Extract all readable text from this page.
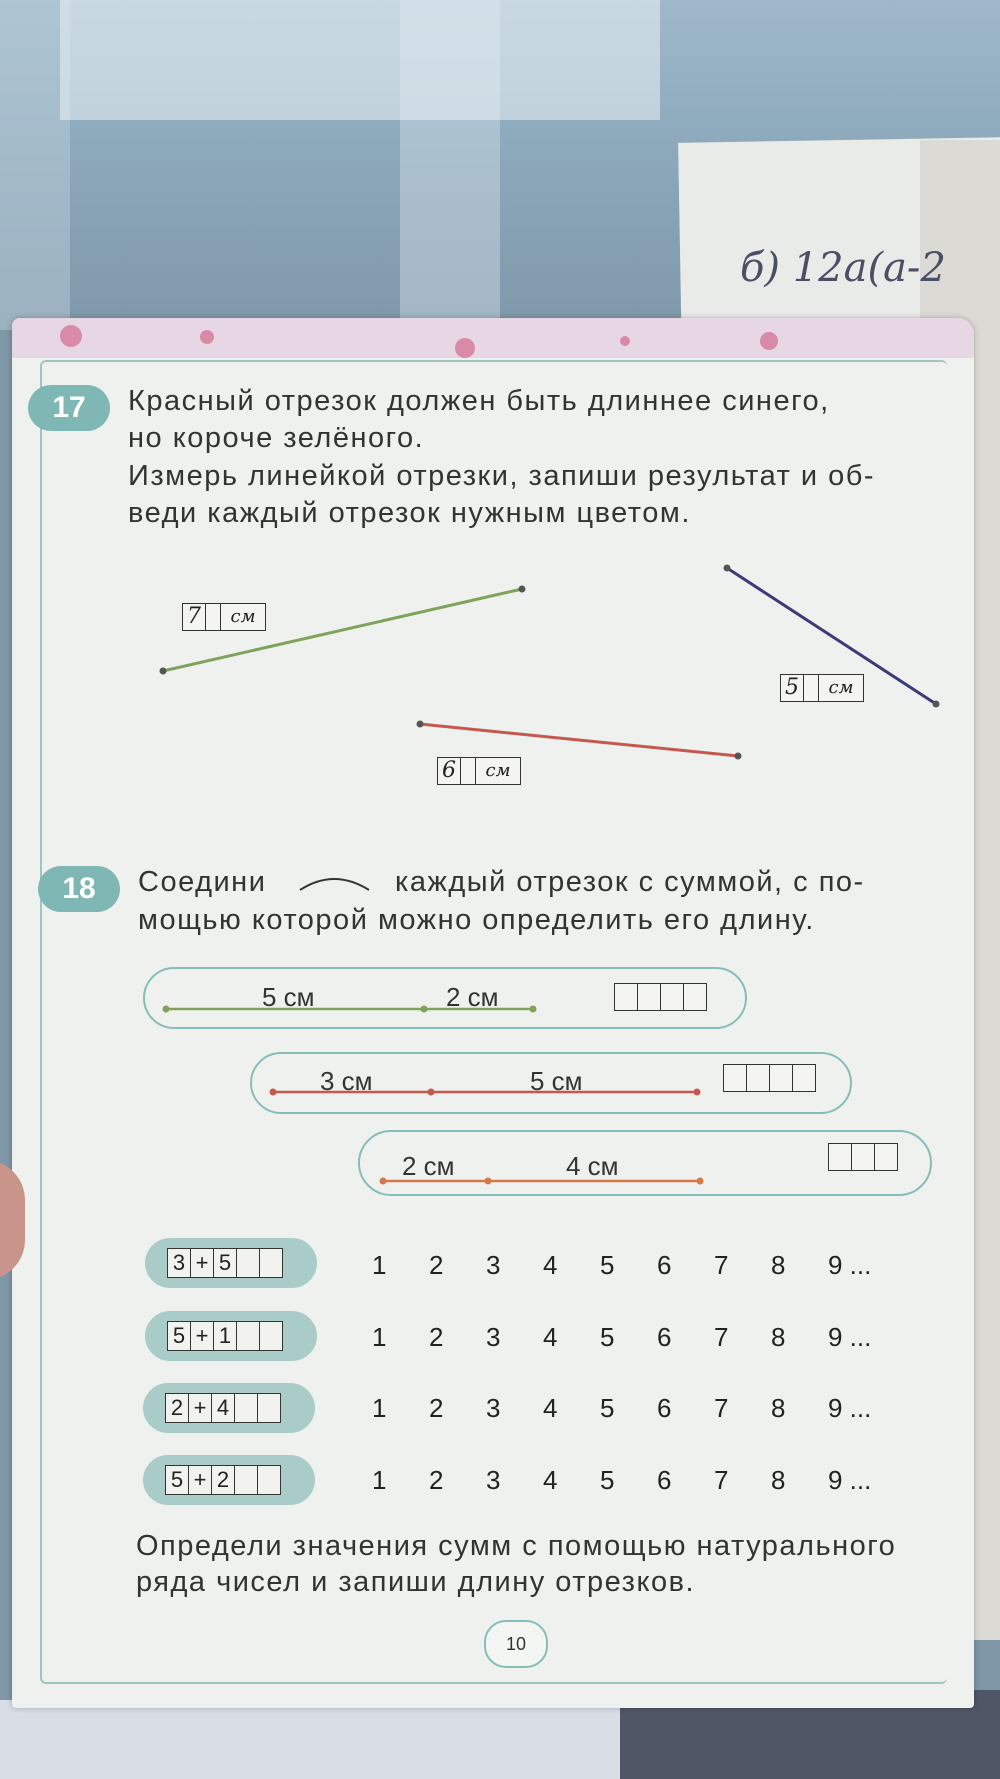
б) 12а(а-2
17	Красный отрезок должен быть длиннее синего,
но короче зелёного.
Измерь линейкой отрезки, запиши результат и об-
веди каждый отрезок нужным цветом.
7	см
5	см
6	см
18	Соедини	каждый отрезок с суммой, с по-
мощью которой можно определить его длину.
5 см	2 см
3 см	5 см
2 см	4 см
3 + 5
5 + 1
2 + 4
5 + 2
1	2	3	4	5	6	7	8	9 ...
1	2	3	4	5	6	7	8	9 ...
1	2	3	4	5	6	7	8	9 ...
1	2	3	4	5	6	7	8	9 ...
Определи значения сумм с помощью натурального
ряда чисел и запиши длину отрезков.
10
